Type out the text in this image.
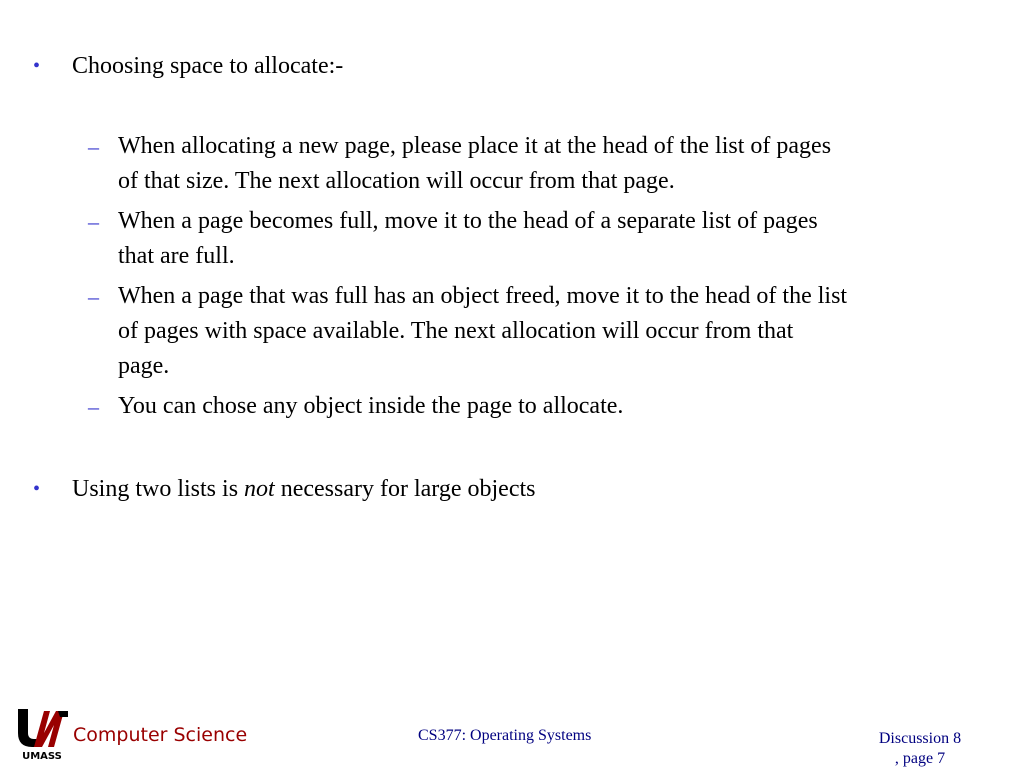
• Choosing space to allocate:-
– When allocating a new page, please place it at the head of the list of pages
of that size. The next allocation will occur from that page.
– When a page becomes full, move it to the head of a separate list of pages
that are full.
– When a page that was full has an object freed, move it to the head of the list
of pages with space available. The next allocation will occur from that
page.
– You can chose any object inside the page to allocate.
• Using two lists is not necessary for large objects
UMASS
Computer Science	CS377: Operating Systems	Discussion 8
, page 7
